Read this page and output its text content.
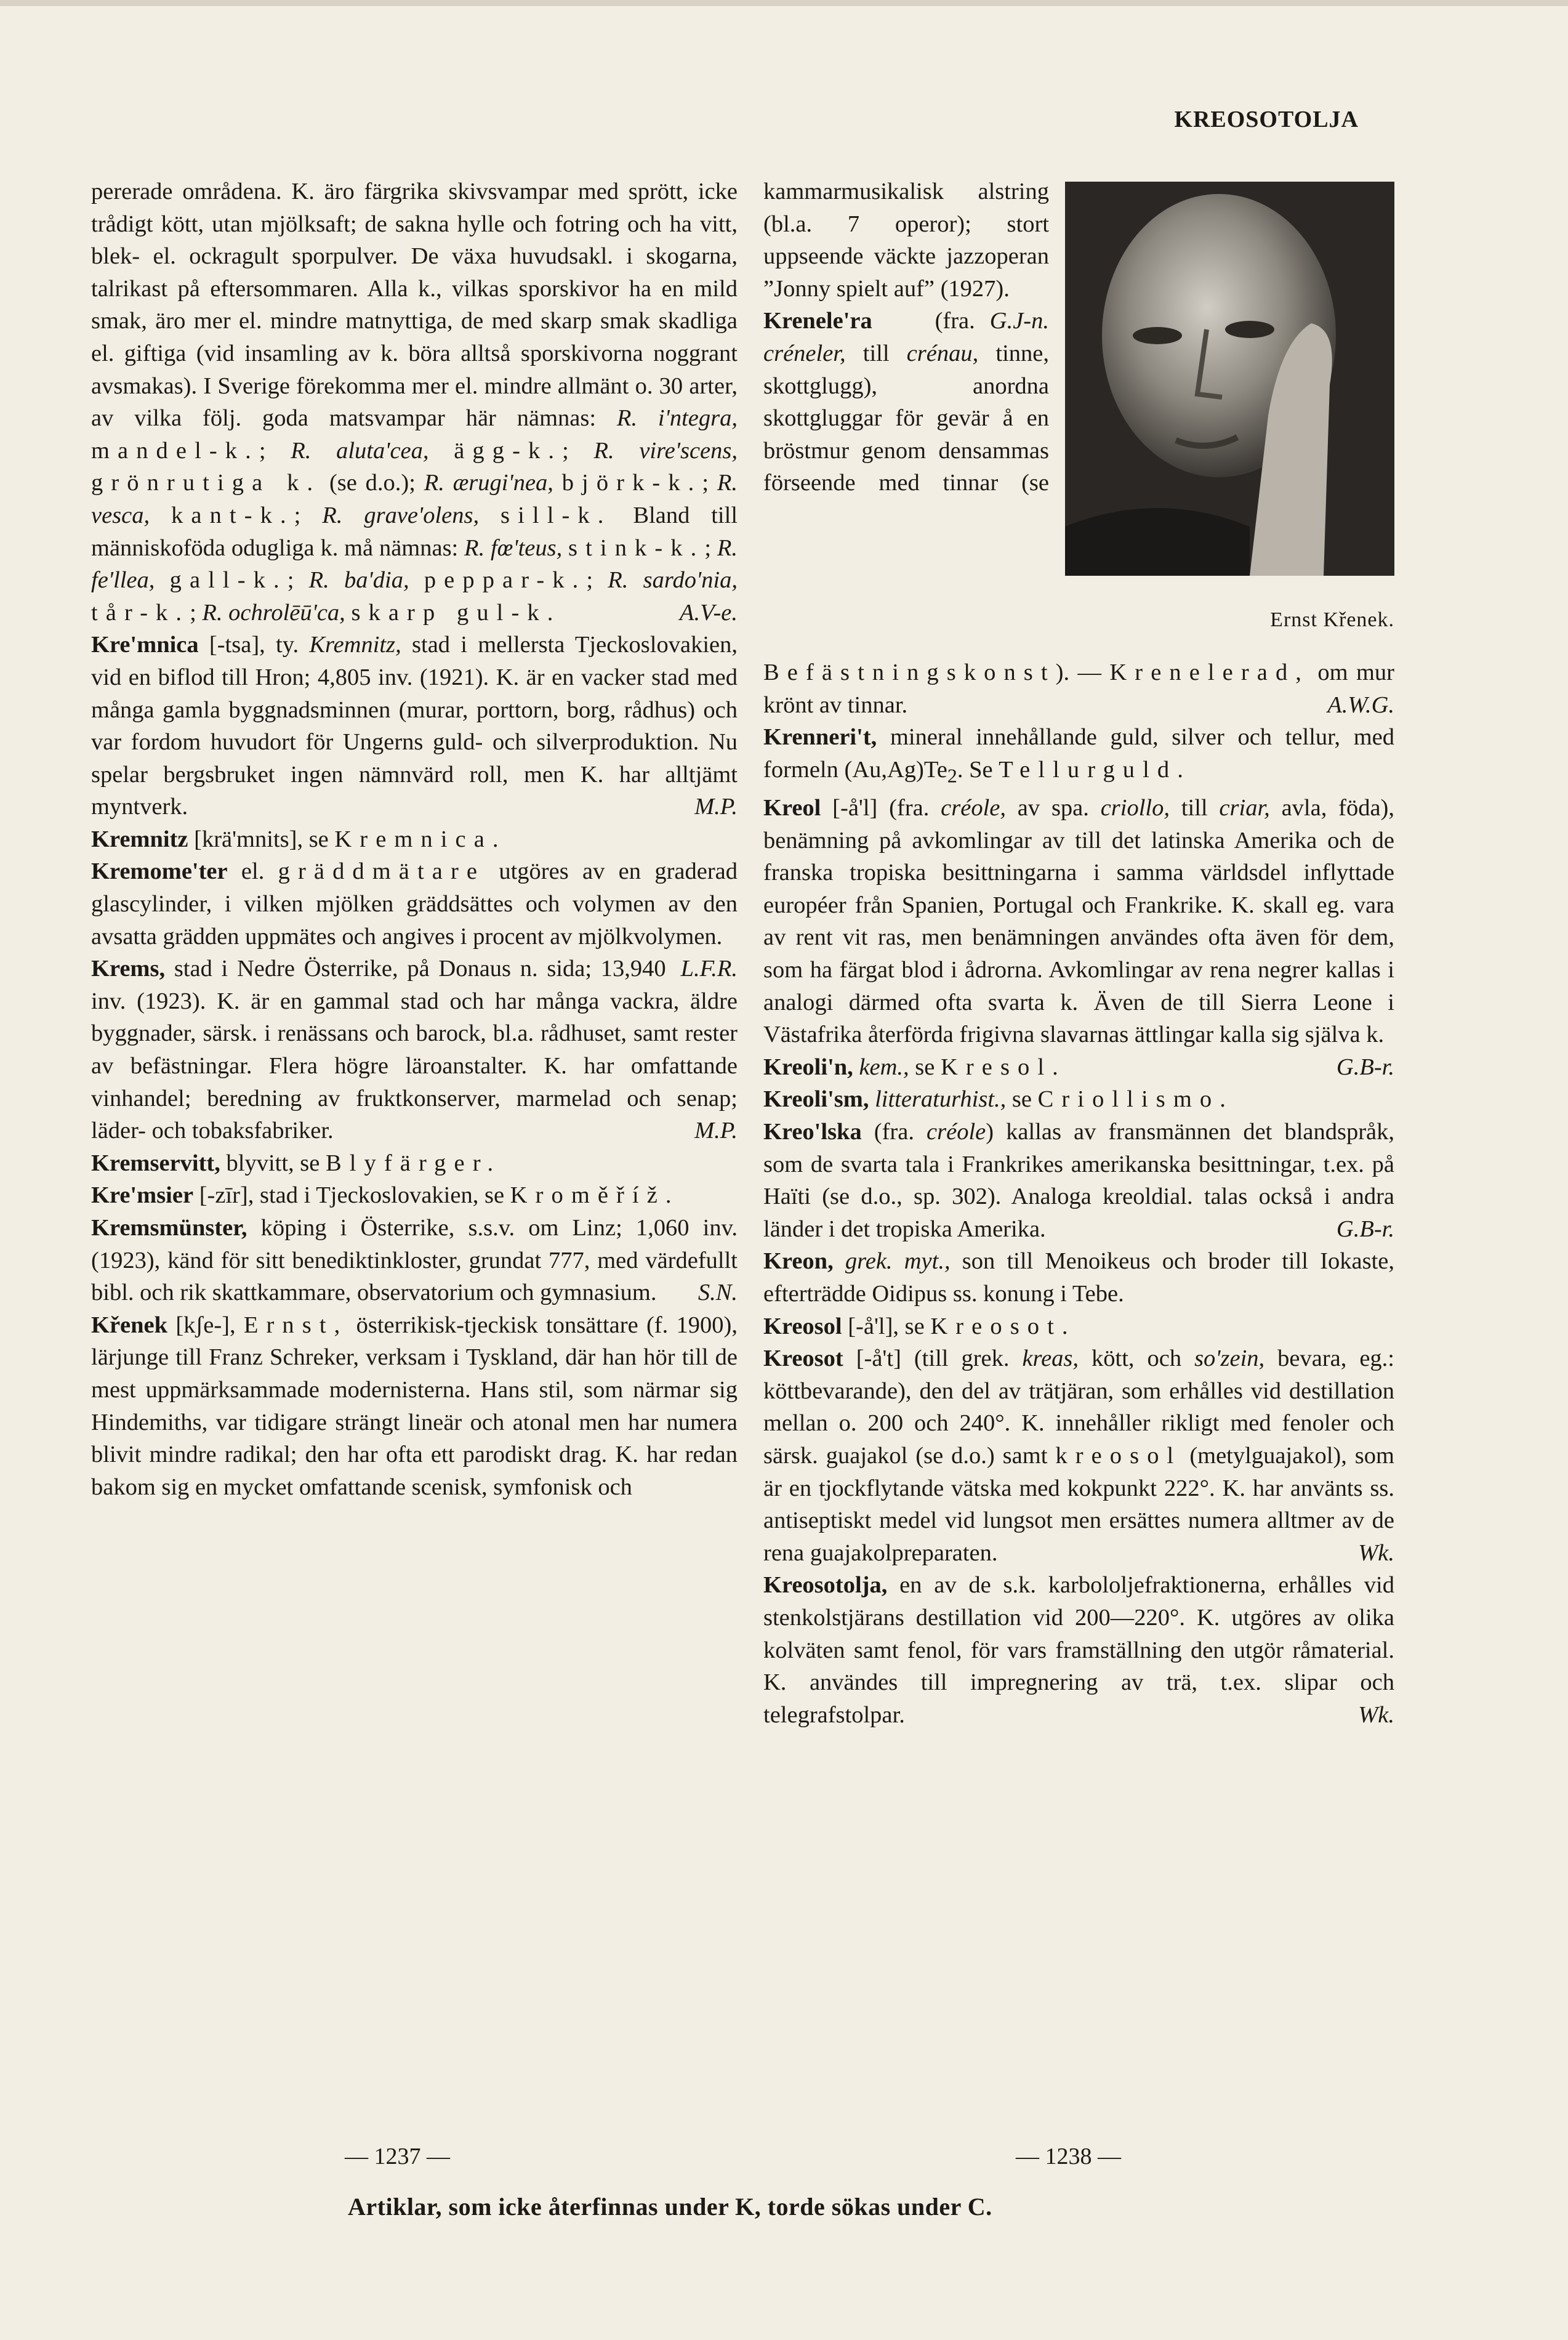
KREOSOTOLJA

pererade områdena. K. äro färgrika skivsvampar med sprött, icke trådigt kött, utan mjölksaft; de sakna hylle och fotring och ha vitt, blek- el. ockragult sporpulver. De växa huvudsakl. i skogarna, talrikast på eftersommaren. Alla k., vilkas sporskivor ha en mild smak, äro mer el. mindre matnyttiga, de med skarp smak skadliga el. giftiga (vid insamling av k. böra alltså sporskivorna noggrant avsmakas). I Sverige förekomma mer el. mindre allmänt o. 30 arter, av vilka följ. goda matsvampar här nämnas: R. i'ntegra, mandel-k.; R. aluta'cea, ägg-k.; R. vire'scens, grönrutiga k. (se d.o.); R. ærugi'nea, björk-k.; R. vesca, kant-k.; R. grave'olens, sill-k. Bland till människoföda odugliga k. må nämnas: R. fœ'teus, stink-k.; R. fe'llea, gall-k.; R. ba'dia, peppar-k.; R. sardo'nia, tår-k.; R. ochrolēū'ca, skarp gul-k.	A.V-e.

Kre'mnica [-tsa], ty. Kremnitz, stad i mellersta Tjeckoslovakien, vid en biflod till Hron; 4,805 inv. (1921). K. är en vacker stad med många gamla byggnadsminnen (murar, porttorn, borg, rådhus) och var fordom huvudort för Ungerns guld- och silverproduktion. Nu spelar bergsbruket ingen nämnvärd roll, men K. har alltjämt myntverk.	M.P.

Kremnitz [krä'mnits], se Kremnica.

Kremome'ter el. gräddmätare utgöres av en graderad glascylinder, i vilken mjölken gräddsättes och volymen av den avsatta grädden uppmätes och angives i procent av mjölkvolymen.
L.F.R.

Krems, stad i Nedre Österrike, på Donaus n. sida; 13,940 inv. (1923). K. är en gammal stad och har många vackra, äldre byggnader, särsk. i renässans och barock, bl.a. rådhuset, samt rester av befästningar. Flera högre läroanstalter. K. har omfattande vinhandel; beredning av fruktkonserver, marmelad och senap; läder- och tobaksfabriker.	M.P.

Kremservitt, blyvitt, se Blyfärger.

Kre'msier [-zīr], stad i Tjeckoslovakien, se Kroměříž.

Kremsmünster, köping i Österrike, s.s.v. om Linz; 1,060 inv. (1923), känd för sitt benediktinkloster, grundat 777, med värdefullt bibl. och rik skattkammare, observatorium och gymnasium.	S.N.

Křenek [kʃe-], Ernst, österrikisk-tjeckisk tonsättare (f. 1900), lärjunge till Franz Schreker, verksam i Tyskland, där han hör till de mest uppmärksammade modernisterna. Hans stil, som närmar sig Hindemiths, var tidigare strängt lineär och atonal men har numera blivit mindre radikal; den har ofta ett parodiskt drag. K. har redan bakom sig en mycket omfattande scenisk, symfonisk och

Ernst Křenek.

kammarmusikalisk alstring (bl.a. 7 operor); stort uppseende väckte jazzoperan ”Jonny spielt auf” (1927).
G.J-n.

Krenele'ra (fra. créneler, till crénau, tinne, skottglugg), anordna skottgluggar för gevär å en bröstmur genom densammas förseende med tinnar (se Befästningskonst). — Krenelerad, om mur krönt av tinnar.	A.W.G.

Krenneri't, mineral innehållande guld, silver och tellur, med formeln $(Au,Ag)Te_2$. Se Tellurguld.

Kreol [-å'l] (fra. créole, av spa. criollo, till criar, avla, föda), benämning på avkomlingar av till det latinska Amerika och de franska tropiska besittningarna i samma världsdel inflyttade européer från Spanien, Portugal och Frankrike. K. skall eg. vara av rent vit ras, men benämningen användes ofta även för dem, som ha färgat blod i ådrorna. Avkomlingar av rena negrer kallas i analogi därmed ofta svarta k. Även de till Sierra Leone i Västafrika återförda frigivna slavarnas ättlingar kalla sig själva k.
G.B-r.

Kreoli'n, kem., se Kresol.

Kreoli'sm, litteraturhist., se Criollismo.

Kreo'lska (fra. créole) kallas av fransmännen det blandspråk, som de svarta tala i Frankrikes amerikanska besittningar, t.ex. på Haïti (se d.o., sp. 302). Analoga kreoldial. talas också i andra länder i det tropiska Amerika.	G.B-r.

Kreon, grek. myt., son till Menoikeus och broder till Iokaste, efterträdde Oidipus ss. konung i Tebe.

Kreosol [-å'l], se Kreosot.

Kreosot [-å't] (till grek. kreas, kött, och so'zein, bevara, eg.: köttbevarande), den del av trätjäran, som erhålles vid destillation mellan o. 200 och 240°. K. innehåller rikligt med fenoler och särsk. guajakol (se d.o.) samt kreosol (metylguajakol), som är en tjockflytande vätska med kokpunkt 222°. K. har använts ss. antiseptiskt medel vid lungsot men ersättes numera alltmer av de rena guajakolpreparaten.	Wk.

Kreosotolja, en av de s.k. karbololjefraktionerna, erhålles vid stenkolstjärans destillation vid 200—220°. K. utgöres av olika kolväten samt fenol, för vars framställning den utgör råmaterial. K. användes till impregnering av trä, t.ex. slipar och telegrafstolpar.	Wk.

— 1237 —	— 1238 —
Artiklar, som icke återfinnas under K, torde sökas under C.
